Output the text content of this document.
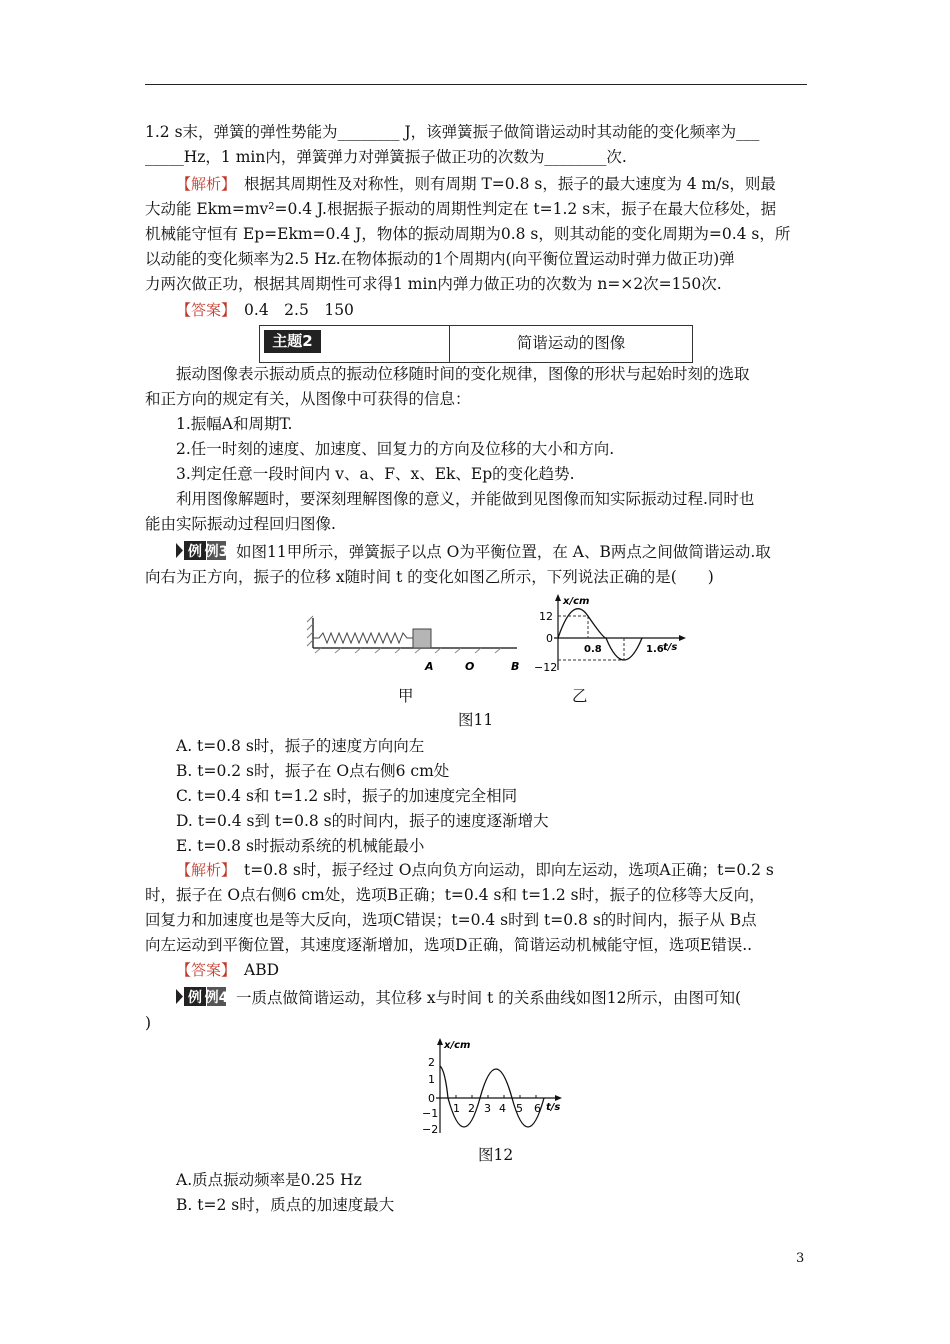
1.2 s末，弹簧的弹性势能为________ J，该弹簧振子做简谐运动时其动能的变化频率为___
_____Hz，1 min内，弹簧弹力对弹簧振子做正功的次数为________次.
【解析】　 根据其周期性及对称性，则有周期 T=0.8 s，振子的最大速度为 4 m/s，则最
大动能 Ekm=mv²=0.4 J.根据振子振动的周期性判定在 t=1.2 s末，振子在最大位移处，据
机械能守恒有 Ep=Ekm=0.4 J，物体的振动周期为0.8 s，则其动能的变化周期为=0.4 s，所
以动能的变化频率为2.5 Hz.在物体振动的1个周期内(向平衡位置运动时弹力做正功)弹
力两次做正功，根据其周期性可求得1 min内弹力做正功的次数为 n=×2次=150次.
【答案】　 0.4　2.5　150
主题2	简谐运动的图像
振动图像表示振动质点的振动位移随时间的变化规律，图像的形状与起始时刻的选取
和正方向的规定有关，从图像中可获得的信息：
1.振幅A和周期T.
2.任一时刻的速度、加速度、回复力的方向及位移的大小和方向.
3.判定任意一段时间内 v、a、F、x、Ek、Ep的变化趋势.
利用图像解题时，要深刻理解图像的意义，并能做到见图像而知实际振动过程.同时也
能由实际振动过程回归图像.
例 例3 如图11甲所示，弹簧振子以点 O为平衡位置，在 A、B两点之间做简谐运动.取
向右为正方向，振子的位移 x随时间 t 的变化如图乙所示，下列说法正确的是(　　)
A	O	B
x/cm
t/s
12
0
−12
0.8	1.6
甲	乙
图11
A. t=0.8 s时，振子的速度方向向左
B. t=0.2 s时，振子在 O点右侧6 cm处
C. t=0.4 s和 t=1.2 s时，振子的加速度完全相同
D. t=0.4 s到 t=0.8 s的时间内，振子的速度逐渐增大
E. t=0.8 s时振动系统的机械能最小
【解析】　 t=0.8 s时，振子经过 O点向负方向运动，即向左运动，选项A正确；t=0.2 s
时，振子在 O点右侧6 cm处，选项B正确；t=0.4 s和 t=1.2 s时，振子的位移等大反向，
回复力和加速度也是等大反向，选项C错误；t=0.4 s时到 t=0.8 s的时间内，振子从 B点
向左运动到平衡位置，其速度逐渐增加，选项D正确，简谐运动机械能守恒，选项E错误..
【答案】　 ABD
例 例4 一质点做简谐运动，其位移 x与时间 t 的关系曲线如图12所示，由图可知(
)
x/cm
t/s
2
1
0
−1
−2
1 2 3 4 5 6
图12
A.质点振动频率是0.25 Hz
B. t=2 s时，质点的加速度最大
3
